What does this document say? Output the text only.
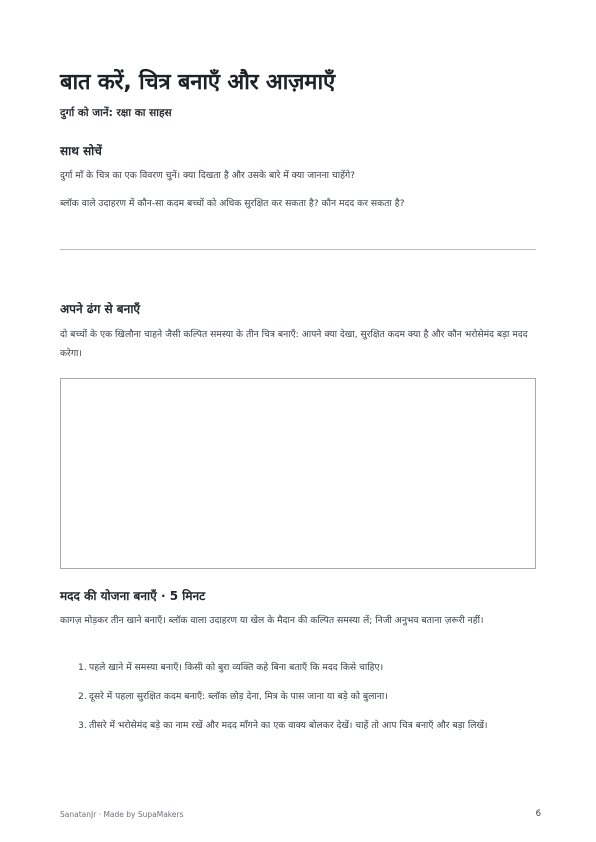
बात करें, चित्र बनाएँ और आज़माएँ
दुर्गा को जानें: रक्षा का साहस
साथ सोचें
दुर्गा माँ के चित्र का एक विवरण चुनें। क्या दिखता है और उसके बारे में क्या जानना चाहेंगे?
ब्लॉक वाले उदाहरण में कौन-सा कदम बच्चों को अधिक सुरक्षित कर सकता है? कौन मदद कर सकता है?
अपने ढंग से बनाएँ
दो बच्चों के एक खिलौना चाहने जैसी कल्पित समस्या के तीन चित्र बनाएँ: आपने क्या देखा, सुरक्षित कदम क्या है और कौन भरोसेमंद बड़ा मदद करेगा।
मदद की योजना बनाएँ · 5 मिनट
कागज़ मोड़कर तीन खाने बनाएँ। ब्लॉक वाला उदाहरण या खेल के मैदान की कल्पित समस्या लें; निजी अनुभव बताना ज़रूरी नहीं।
1. पहले खाने में समस्या बनाएँ। किसी को बुरा व्यक्ति कहे बिना बताएँ कि मदद किसे चाहिए।
2. दूसरे में पहला सुरक्षित कदम बनाएँ: ब्लॉक छोड़ देना, मित्र के पास जाना या बड़े को बुलाना।
3. तीसरे में भरोसेमंद बड़े का नाम रखें और मदद माँगने का एक वाक्य बोलकर देखें। चाहें तो आप चित्र बनाएँ और बड़ा लिखें।
SanatanJr · Made by SupaMakers	6
